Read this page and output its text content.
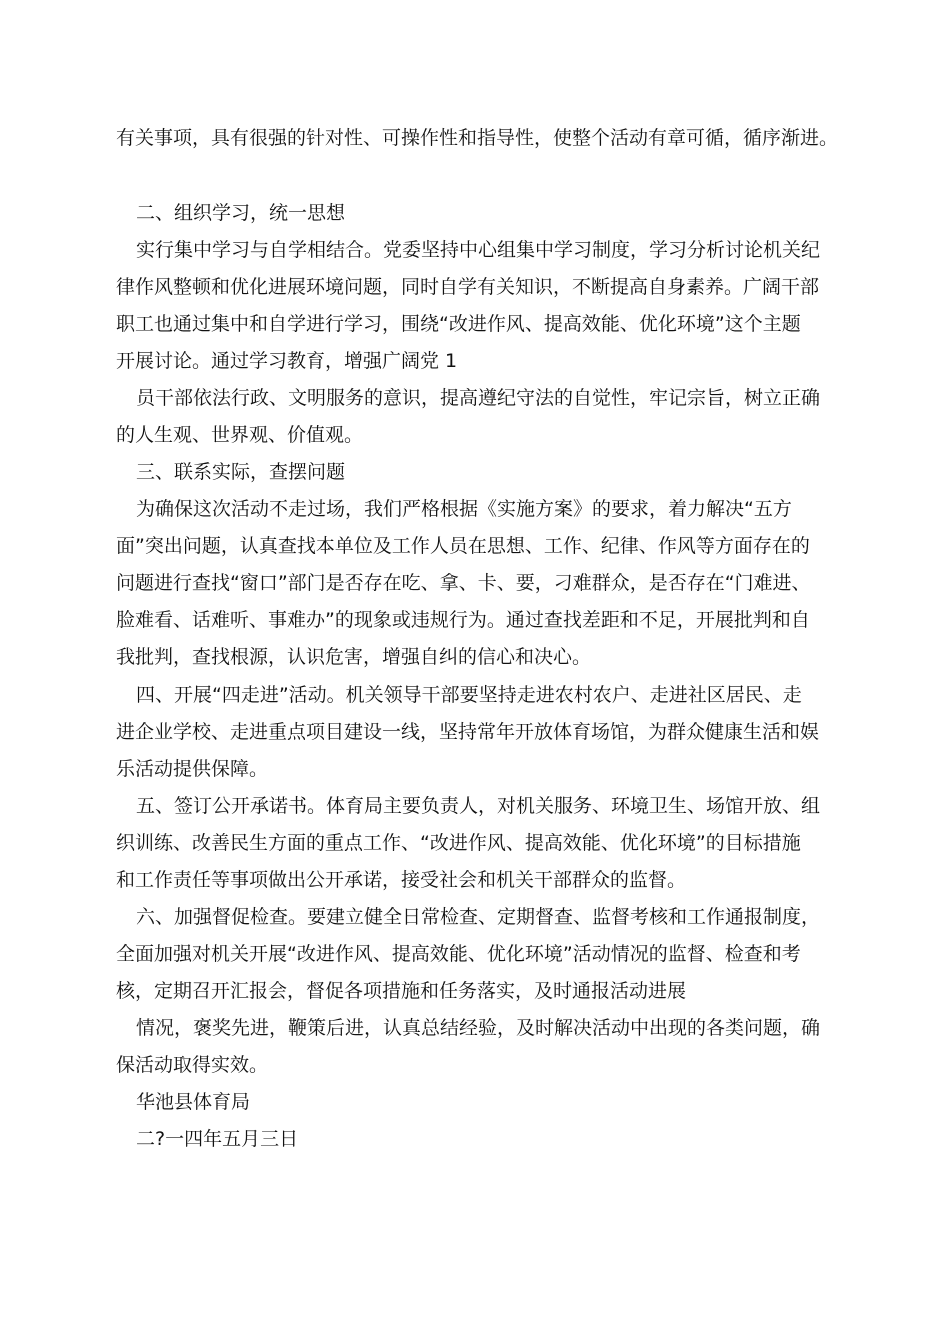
有关事项，具有很强的针对性、可操作性和指导性，使整个活动有章可循，循序渐进。
二、组织学习，统一思想
实行集中学习与自学相结合。党委坚持中心组集中学习制度，学习分析讨论机关纪
律作风整顿和优化进展环境问题，同时自学有关知识，不断提高自身素养。广阔干部
职工也通过集中和自学进行学习，围绕“改进作风、提高效能、优化环境”这个主题
开展讨论。通过学习教育，增强广阔党 1
员干部依法行政、文明服务的意识，提高遵纪守法的自觉性，牢记宗旨，树立正确
的人生观、世界观、价值观。
三、联系实际，查摆问题
为确保这次活动不走过场，我们严格根据《实施方案》的要求，着力解决“五方
面”突出问题，认真查找本单位及工作人员在思想、工作、纪律、作风等方面存在的
问题进行查找“窗口”部门是否存在吃、拿、卡、要，刁难群众，是否存在“门难进、
脸难看、话难听、事难办”的现象或违规行为。通过查找差距和不足，开展批判和自
我批判，查找根源，认识危害，增强自纠的信心和决心。
四、开展“四走进”活动。机关领导干部要坚持走进农村农户、走进社区居民、走
进企业学校、走进重点项目建设一线，坚持常年开放体育场馆，为群众健康生活和娱
乐活动提供保障。
五、签订公开承诺书。体育局主要负责人，对机关服务、环境卫生、场馆开放、组
织训练、改善民生方面的重点工作、“改进作风、提高效能、优化环境”的目标措施
和工作责任等事项做出公开承诺，接受社会和机关干部群众的监督。
六、加强督促检查。要建立健全日常检查、定期督查、监督考核和工作通报制度，
全面加强对机关开展“改进作风、提高效能、优化环境”活动情况的监督、检查和考
核，定期召开汇报会，督促各项措施和任务落实，及时通报活动进展
情况，褒奖先进，鞭策后进，认真总结经验，及时解决活动中出现的各类问题，确
保活动取得实效。
华池县体育局
二?一四年五月三日
